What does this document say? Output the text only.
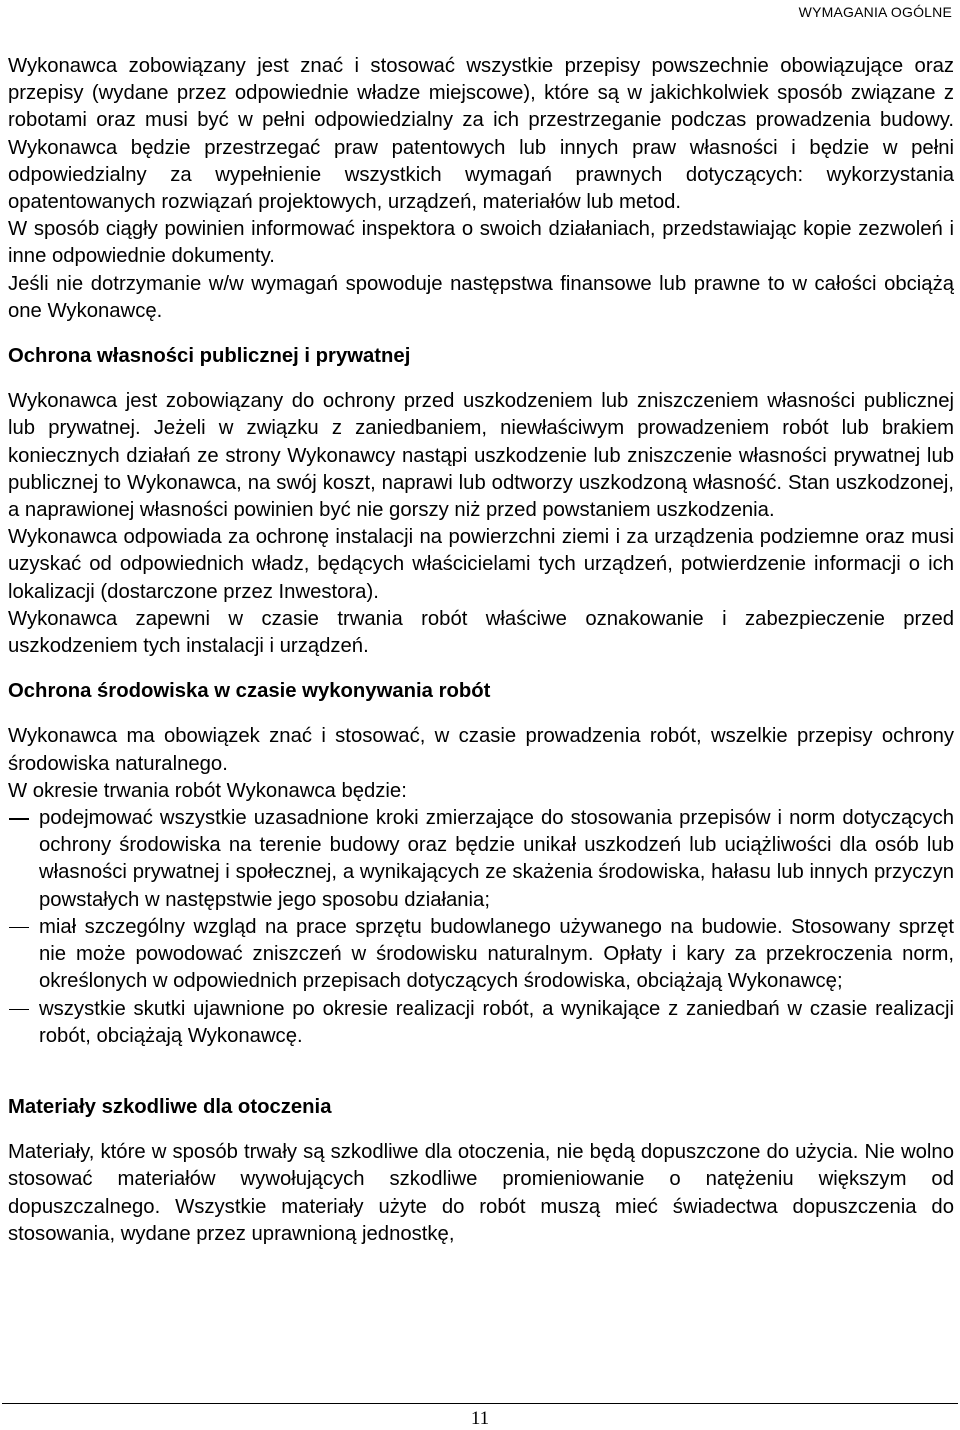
WYMAGANIA OGÓLNE

Wykonawca zobowiązany jest znać i stosować wszystkie przepisy powszechnie obowiązujące oraz przepisy (wydane przez odpowiednie władze miejscowe), które są w jakichkolwiek sposób związane z robotami oraz musi być w pełni odpowiedzialny za ich przestrzeganie podczas prowadzenia budowy. Wykonawca będzie przestrzegać praw patentowych lub innych praw własności i będzie w pełni odpowiedzialny za wypełnienie wszystkich wymagań prawnych dotyczących: wykorzystania opatentowanych rozwiązań projektowych, urządzeń, materiałów lub metod.

W sposób ciągły powinien informować inspektora o swoich działaniach, przedstawiając kopie zezwoleń i inne odpowiednie dokumenty.

Jeśli nie dotrzymanie w/w wymagań spowoduje następstwa finansowe lub prawne to w całości obciążą one Wykonawcę.

Ochrona własności publicznej i prywatnej

Wykonawca jest zobowiązany do ochrony przed uszkodzeniem lub zniszczeniem własności publicznej lub prywatnej. Jeżeli w związku z zaniedbaniem, niewłaściwym prowadzeniem robót lub brakiem koniecznych działań ze strony Wykonawcy nastąpi uszkodzenie lub zniszczenie własności prywatnej lub publicznej to Wykonawca, na swój koszt, naprawi lub odtworzy uszkodzoną własność. Stan uszkodzonej, a naprawionej własności powinien być nie gorszy niż przed powstaniem uszkodzenia.

Wykonawca odpowiada za ochronę instalacji na powierzchni ziemi i za urządzenia podziemne oraz musi uzyskać od odpowiednich władz, będących właścicielami tych urządzeń, potwierdzenie informacji o ich lokalizacji (dostarczone przez Inwestora).

Wykonawca zapewni w czasie trwania robót właściwe oznakowanie i zabezpieczenie przed uszkodzeniem tych instalacji i urządzeń.

Ochrona środowiska w czasie wykonywania robót

Wykonawca ma obowiązek znać i stosować, w czasie prowadzenia robót, wszelkie przepisy ochrony środowiska naturalnego.

W okresie trwania robót Wykonawca będzie:

podejmować wszystkie uzasadnione kroki zmierzające do stosowania przepisów i norm dotyczących ochrony środowiska na terenie budowy oraz będzie unikał uszkodzeń lub uciążliwości dla osób lub własności prywatnej i społecznej, a wynikających ze skażenia środowiska, hałasu lub innych przyczyn powstałych w następstwie jego sposobu działania;
miał szczególny wzgląd na prace sprzętu budowlanego używanego na budowie. Stosowany sprzęt nie może powodować zniszczeń w środowisku naturalnym. Opłaty i kary za przekroczenia norm, określonych w odpowiednich przepisach dotyczących środowiska, obciążają Wykonawcę;
wszystkie skutki ujawnione po okresie realizacji robót, a wynikające z zaniedbań w czasie realizacji robót, obciążają Wykonawcę.
Materiały szkodliwe dla otoczenia

Materiały, które w sposób trwały są szkodliwe dla otoczenia, nie będą dopuszczone do użycia. Nie wolno stosować materiałów wywołujących szkodliwe promieniowanie o natężeniu większym od dopuszczalnego. Wszystkie materiały użyte do robót muszą mieć świadectwa dopuszczenia do stosowania, wydane przez uprawnioną jednostkę,

11
